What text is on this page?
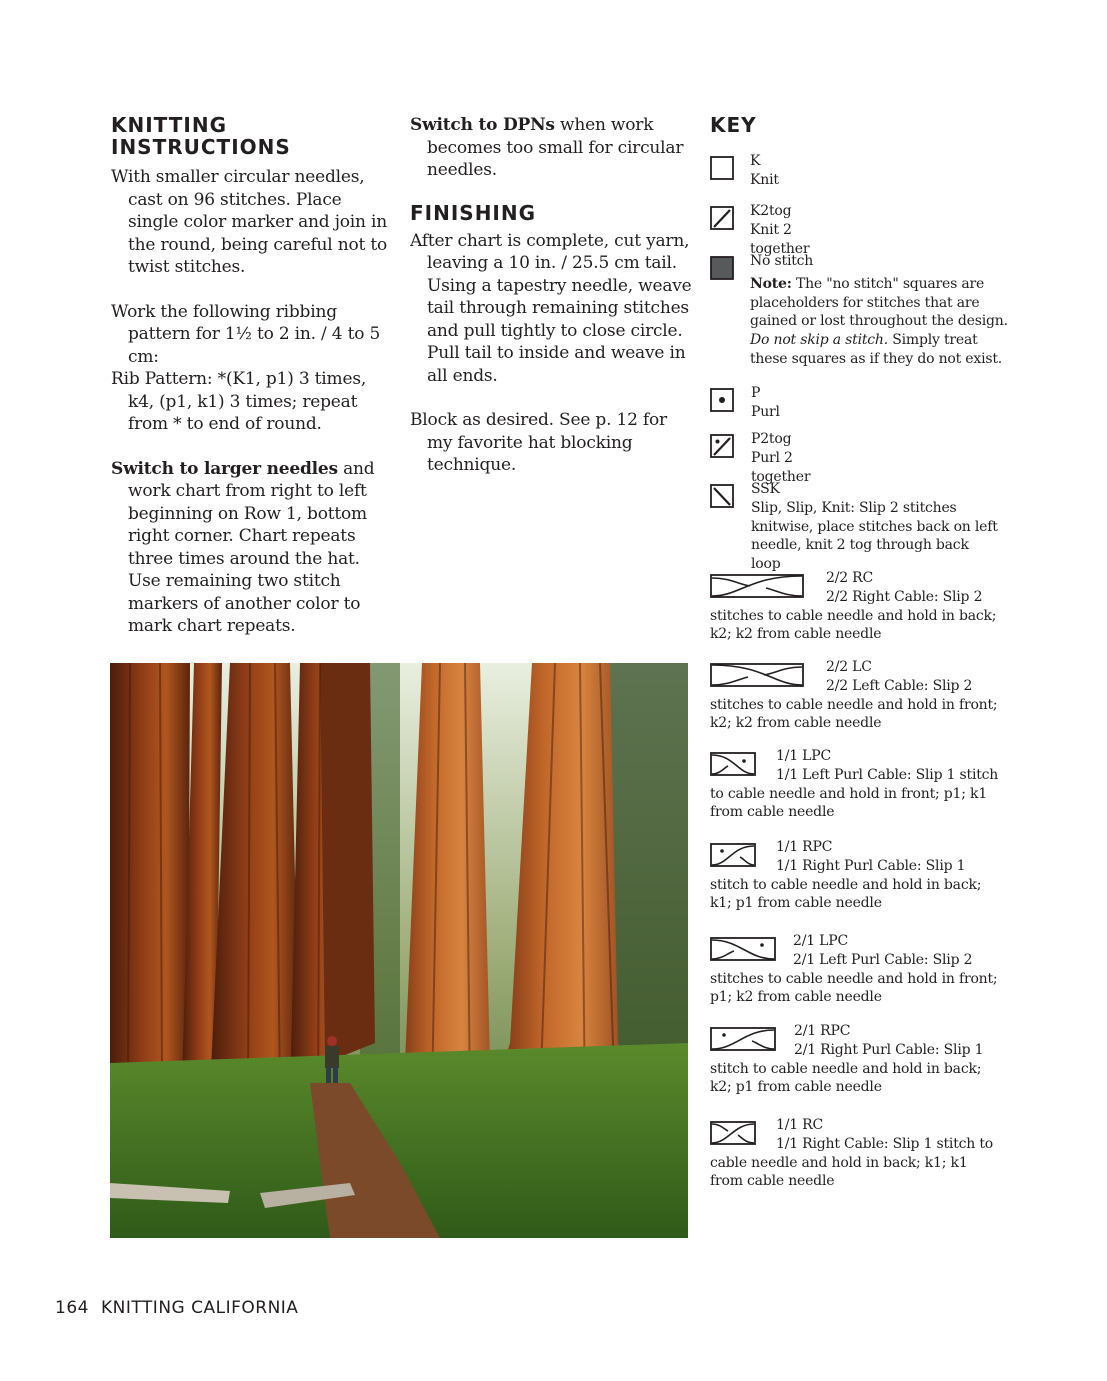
KNITTING
INSTRUCTIONS

With smaller circular needles, cast on 96 stitches. Place single color marker and join in the round, being careful not to twist stitches.

Work the following ribbing pattern for 1½ to 2 in. / 4 to 5 cm:

Rib Pattern: *(K1, p1) 3 times, k4, (p1, k1) 3 times; repeat from * to end of round.

Switch to larger needles and work chart from right to left beginning on Row 1, bottom right corner. Chart repeats three times around the hat. Use remaining two stitch markers of another color to mark chart repeats.

Switch to DPNs when work becomes too small for circular needles.

FINISHING

After chart is complete, cut yarn, leaving a 10 in. / 25.5 cm tail. Using a tapestry needle, weave tail through remaining stitches and pull tightly to close circle. Pull tail to inside and weave in all ends.

Block as desired. See p. 12 for my favorite hat blocking technique.

KEY
K
Knit
K2tog
Knit 2 together
No stitch
Note: The "no stitch" squares are placeholders for stitches that are gained or lost throughout the design. Do not skip a stitch. Simply treat these squares as if they do not exist.
P
Purl
P2tog
Purl 2 together
SSK
Slip, Slip, Knit: Slip 2 stitches knitwise, place stitches back on left needle, knit 2 tog through back loop
2/2 RC
2/2 Right Cable: Slip 2 stitches to cable needle and hold in back; k2; k2 from cable needle
2/2 LC
2/2 Left Cable: Slip 2 stitches to cable needle and hold in front; k2; k2 from cable needle
1/1 LPC
1/1 Left Purl Cable: Slip 1 stitch to cable needle and hold in front; p1; k1 from cable needle
1/1 RPC
1/1 Right Purl Cable: Slip 1 stitch to cable needle and hold in back; k1; p1 from cable needle
2/1 LPC
2/1 Left Purl Cable: Slip 2 stitches to cable needle and hold in front; p1; k2 from cable needle
2/1 RPC
2/1 Right Purl Cable: Slip 1 stitch to cable needle and hold in back; k2; p1 from cable needle
1/1 RC
1/1 Right Cable: Slip 1 stitch to cable needle and hold in back; k1; k1 from cable needle
164 KNITTING CALIFORNIA
